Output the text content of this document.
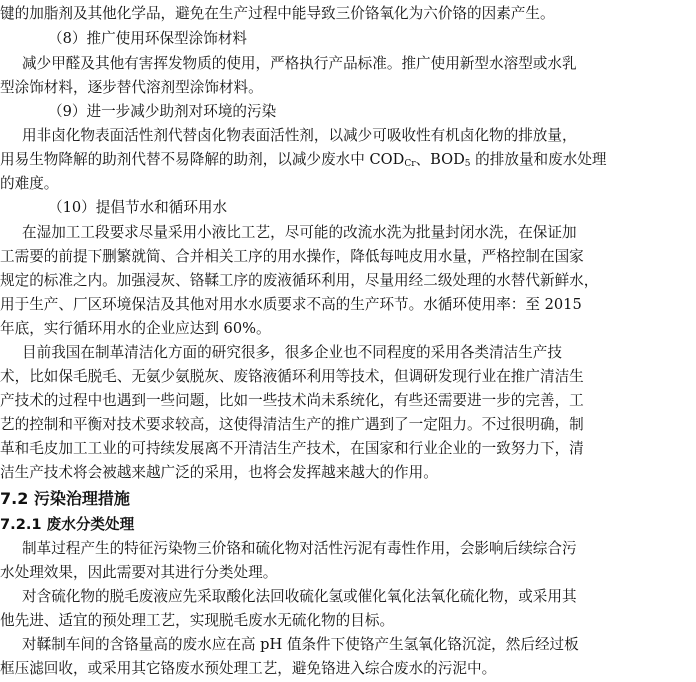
键的加脂剂及其他化学品，避免在生产过程中能导致三价铬氧化为六价铬的因素产生。
（8）推广使用环保型涂饰材料
减少甲醛及其他有害挥发物质的使用，严格执行产品标准。推广使用新型水溶型或水乳
型涂饰材料，逐步替代溶剂型涂饰材料。
（9）进一步减少助剂对环境的污染
用非卤化物表面活性剂代替卤化物表面活性剂，以减少可吸收性有机卤化物的排放量，
用易生物降解的助剂代替不易降解的助剂，以减少废水中 $COD_{Cr}$、$BOD_5$ 的排放量和废水处理
的难度。
（10）提倡节水和循环用水
在湿加工工段要求尽量采用小液比工艺，尽可能的改流水洗为批量封闭水洗，在保证加
工需要的前提下删繁就简、合并相关工序的用水操作，降低每吨皮用水量，严格控制在国家
规定的标准之内。加强浸灰、铬鞣工序的废液循环利用，尽量用经二级处理的水替代新鲜水，
用于生产、厂区环境保洁及其他对用水水质要求不高的生产环节。水循环使用率：至 2015
年底，实行循环用水的企业应达到 60%。
目前我国在制革清洁化方面的研究很多，很多企业也不同程度的采用各类清洁生产技
术，比如保毛脱毛、无氨少氨脱灰、废铬液循环利用等技术，但调研发现行业在推广清洁生
产技术的过程中也遇到一些问题，比如一些技术尚未系统化，有些还需要进一步的完善，工
艺的控制和平衡对技术要求较高，这使得清洁生产的推广遇到了一定阻力。不过很明确，制
革和毛皮加工工业的可持续发展离不开清洁生产技术，在国家和行业企业的一致努力下，清
洁生产技术将会被越来越广泛的采用，也将会发挥越来越大的作用。
7.2 污染治理措施
7.2.1 废水分类处理
制革过程产生的特征污染物三价铬和硫化物对活性污泥有毒性作用，会影响后续综合污
水处理效果，因此需要对其进行分类处理。
对含硫化物的脱毛废液应先采取酸化法回收硫化氢或催化氧化法氧化硫化物，或采用其
他先进、适宜的预处理工艺，实现脱毛废水无硫化物的目标。
对鞣制车间的含铬量高的废水应在高 pH 值条件下使铬产生氢氧化铬沉淀，然后经过板
框压滤回收，或采用其它铬废水预处理工艺，避免铬进入综合废水的污泥中。
